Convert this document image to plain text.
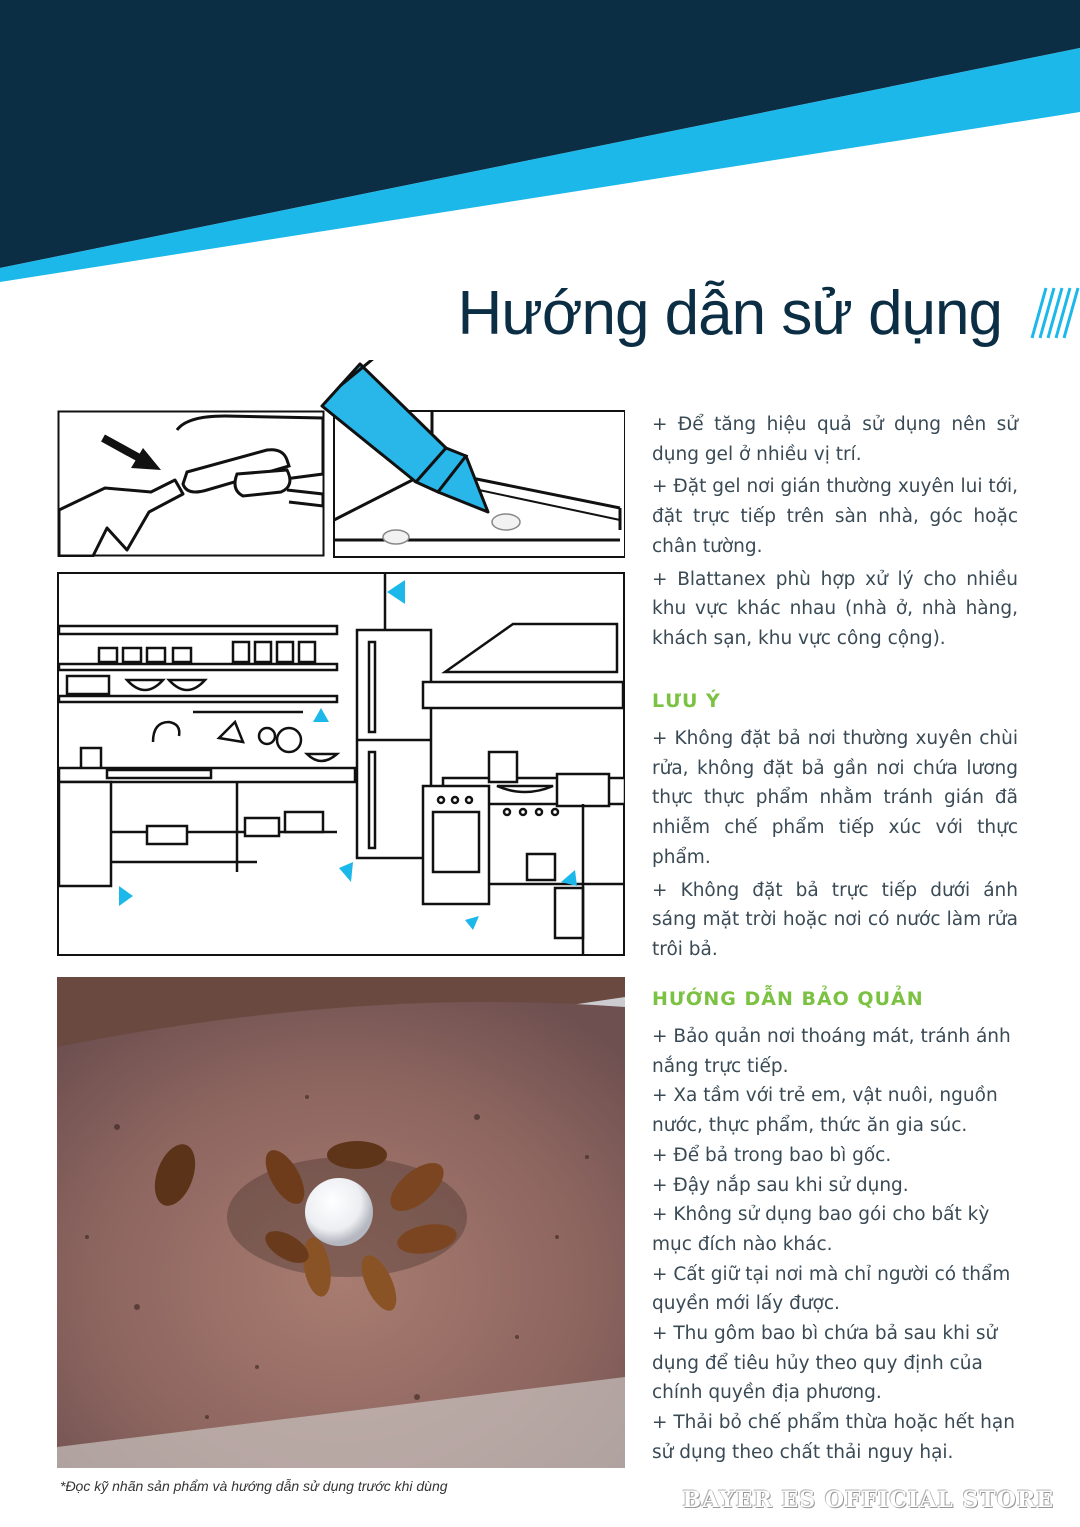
Hướng dẫn sử dụng

+ Để tăng hiệu quả sử dụng nên sử dụng gel ở nhiều vị trí.

+ Đặt gel nơi gián thường xuyên lui tới, đặt trực tiếp trên sàn nhà, góc hoặc chân tường.

+ Blattanex phù hợp xử lý cho nhiều khu vực khác nhau (nhà ở, nhà hàng, khách sạn, khu vực công cộng).

LƯU Ý

+ Không đặt bả nơi thường xuyên chùi rửa, không đặt bả gần nơi chứa lương thực thực phẩm nhằm tránh gián đã nhiễm chế phẩm tiếp xúc với thực phẩm.

+ Không đặt bả trực tiếp dưới ánh sáng mặt trời hoặc nơi có nước làm rửa trôi bả.

HƯỚNG DẪN BẢO QUẢN

+ Bảo quản nơi thoáng mát, tránh ánh nắng trực tiếp.

+ Xa tầm với trẻ em, vật nuôi, nguồn nước, thực phẩm, thức ăn gia súc.

+ Để bả trong bao bì gốc.

+ Đậy nắp sau khi sử dụng.

+ Không sử dụng bao gói cho bất kỳ mục đích nào khác.

+ Cất giữ tại nơi mà chỉ người có thẩm quyền mới lấy được.

+ Thu gôm bao bì chứa bả sau khi sử dụng để tiêu hủy theo quy định của chính quyền địa phương.

+ Thải bỏ chế phẩm thừa hoặc hết hạn sử dụng theo chất thải nguy hại.

*Đọc kỹ nhãn sản phẩm và hướng dẫn sử dụng trước khi dùng

BAYER ES OFFICIAL STORE
